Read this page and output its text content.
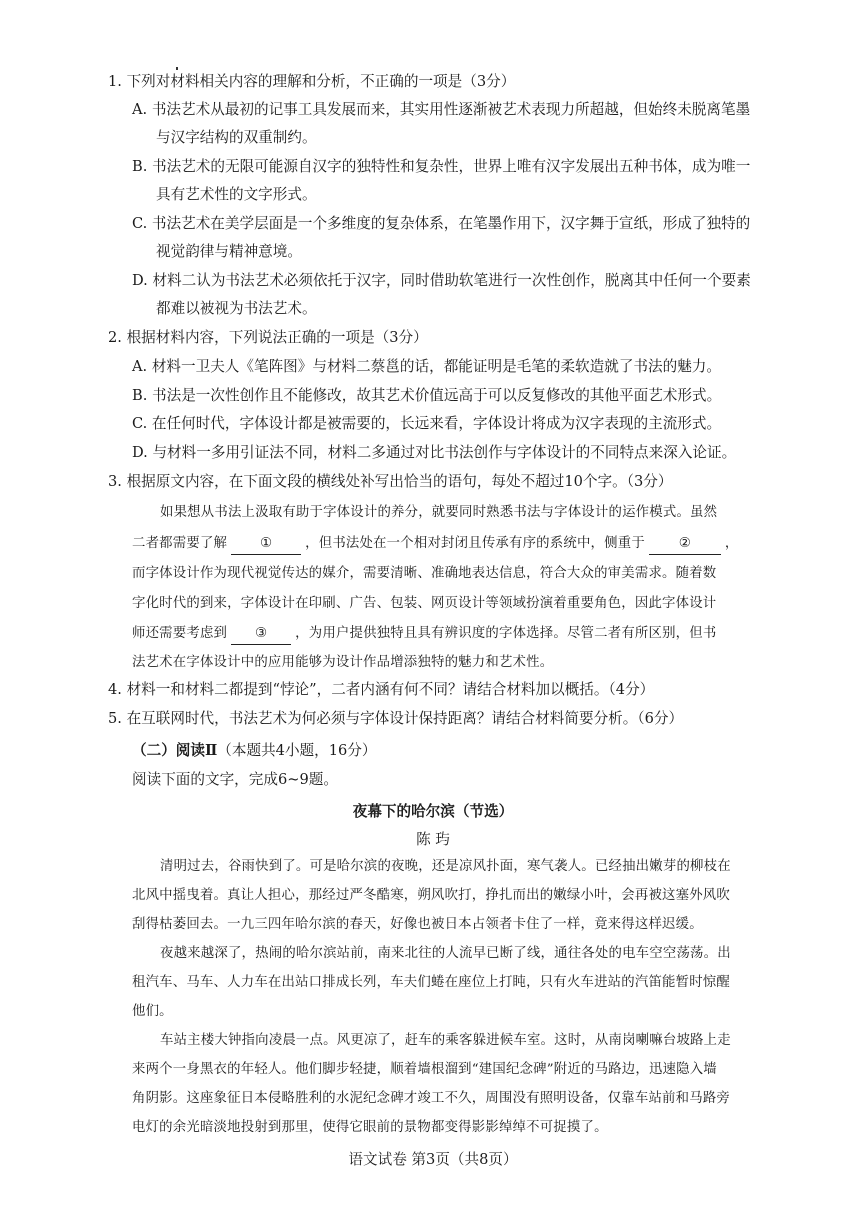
1. 下列对材料相关内容的理解和分析，不正确的一项是（3分）
A. 书法艺术从最初的记事工具发展而来，其实用性逐渐被艺术表现力所超越，但始终未脱离笔墨
与汉字结构的双重制约。
B. 书法艺术的无限可能源自汉字的独特性和复杂性，世界上唯有汉字发展出五种书体，成为唯一
具有艺术性的文字形式。
C. 书法艺术在美学层面是一个多维度的复杂体系，在笔墨作用下，汉字舞于宣纸，形成了独特的
视觉韵律与精神意境。
D. 材料二认为书法艺术必须依托于汉字，同时借助软笔进行一次性创作，脱离其中任何一个要素
都难以被视为书法艺术。
2. 根据材料内容，下列说法正确的一项是（3分）
A. 材料一卫夫人《笔阵图》与材料二蔡邕的话，都能证明是毛笔的柔软造就了书法的魅力。
B. 书法是一次性创作且不能修改，故其艺术价值远高于可以反复修改的其他平面艺术形式。
C. 在任何时代，字体设计都是被需要的，长远来看，字体设计将成为汉字表现的主流形式。
D. 与材料一多用引证法不同，材料二多通过对比书法创作与字体设计的不同特点来深入论证。
3. 根据原文内容，在下面文段的横线处补写出恰当的语句，每处不超过10个字。（3分）
如果想从书法上汲取有助于字体设计的养分，就要同时熟悉书法与字体设计的运作模式。虽然
二者都需要了解 ① ，但书法处在一个相对封闭且传承有序的系统中，侧重于	②	，
而字体设计作为现代视觉传达的媒介，需要清晰、准确地表达信息，符合大众的审美需求。随着数
字化时代的到来，字体设计在印刷、广告、包装、网页设计等领域扮演着重要角色，因此字体设计
师还需要考虑到 ③ ，为用户提供独特且具有辨识度的字体选择。尽管二者有所区别，但书
法艺术在字体设计中的应用能够为设计作品增添独特的魅力和艺术性。
4. 材料一和材料二都提到“悖论”，二者内涵有何不同？请结合材料加以概括。（4分）
5. 在互联网时代，书法艺术为何必须与字体设计保持距离？请结合材料简要分析。（6分）
（二）阅读Ⅱ（本题共4小题，16分）
阅读下面的文字，完成6~9题。
夜幕下的哈尔滨（节选）
陈 玙
清明过去，谷雨快到了。可是哈尔滨的夜晚，还是凉风扑面，寒气袭人。已经抽出嫩芽的柳枝在
北风中摇曳着。真让人担心，那经过严冬酷寒，朔风吹打，挣扎而出的嫩绿小叶，会再被这塞外风吹
刮得枯萎回去。一九三四年哈尔滨的春天，好像也被日本占领者卡住了一样，竟来得这样迟缓。
夜越来越深了，热闹的哈尔滨站前，南来北往的人流早已断了线，通往各处的电车空空荡荡。出
租汽车、马车、人力车在出站口排成长列，车夫们蜷在座位上打盹，只有火车进站的汽笛能暂时惊醒
他们。
车站主楼大钟指向凌晨一点。风更凉了，赶车的乘客躲进候车室。这时，从南岗喇嘛台坡路上走
来两个一身黑衣的年轻人。他们脚步轻捷，顺着墙根溜到“建国纪念碑”附近的马路边，迅速隐入墙
角阴影。这座象征日本侵略胜利的水泥纪念碑才竣工不久，周围没有照明设备，仅靠车站前和马路旁
电灯的余光暗淡地投射到那里，使得它眼前的景物都变得影影绰绰不可捉摸了。
语文试卷 第3页（共8页）
